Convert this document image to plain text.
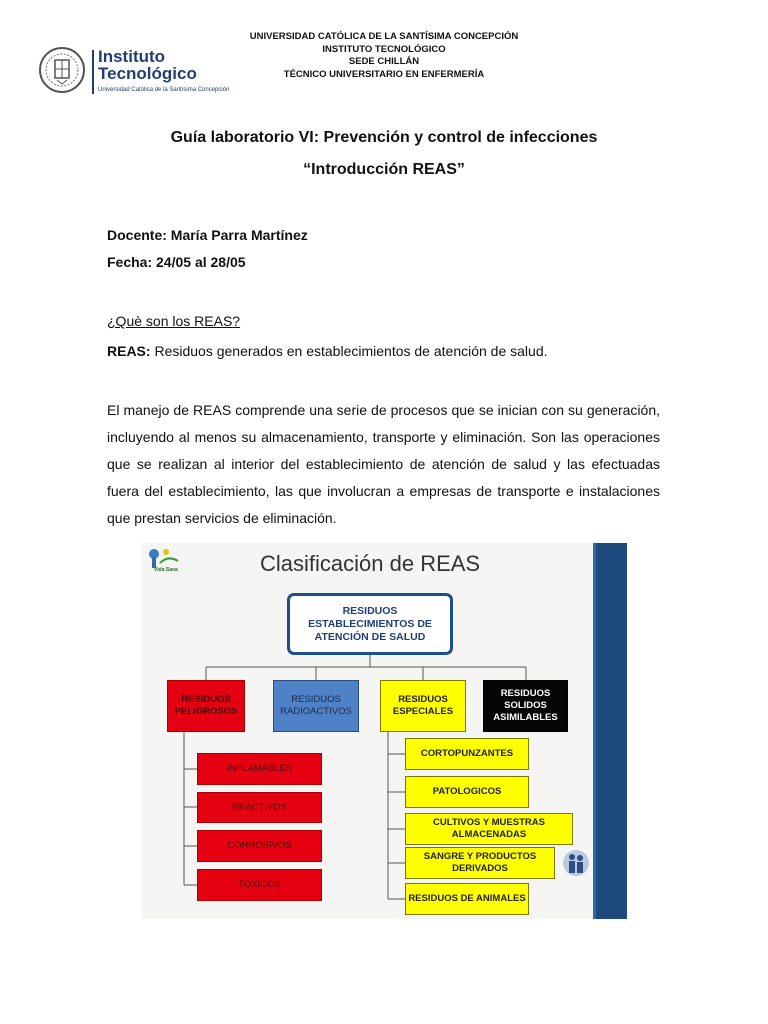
Instituto
Tecnológico
Universidad Católica de la Santísima Concepción
UNIVERSIDAD CATÓLICA DE LA SANTÍSIMA CONCEPCIÓN
INSTITUTO TECNOLÓGICO
SEDE CHILLÁN
TÉCNICO UNIVERSITARIO EN ENFERMERÍA
Guía laboratorio VI: Prevención y control de infecciones
“Introducción REAS”
Docente: María Parra Martínez
Fecha: 24/05 al 28/05
¿Què son los REAS?
REAS: Residuos generados en establecimientos de atención de salud.
El manejo de REAS comprende una serie de procesos que se inician con su generación, incluyendo al menos su almacenamiento, transporte y eliminación. Son las operaciones que se realizan al interior del establecimiento de atención de salud y las efectuadas fuera del establecimiento, las que involucran a empresas de transporte e instalaciones que prestan servicios de eliminación.
Vida Sana	Clasificación de REAS
RESIDUOS ESTABLECIMIENTOS DE ATENCIÓN DE SALUD
RESIDUOS PELIGROSOS
RESIDUOS RADIOACTIVOS
RESIDUOS ESPECIALES
RESIDUOS SOLIDOS ASIMILABLES
INFLAMABLES
REACTIVOS
CORROSIVOS
TOXICOS
CORTOPUNZANTES
PATOLOGICOS
CULTIVOS Y MUESTRAS ALMACENADAS
SANGRE Y PRODUCTOS DERIVADOS
RESIDUOS DE ANIMALES
